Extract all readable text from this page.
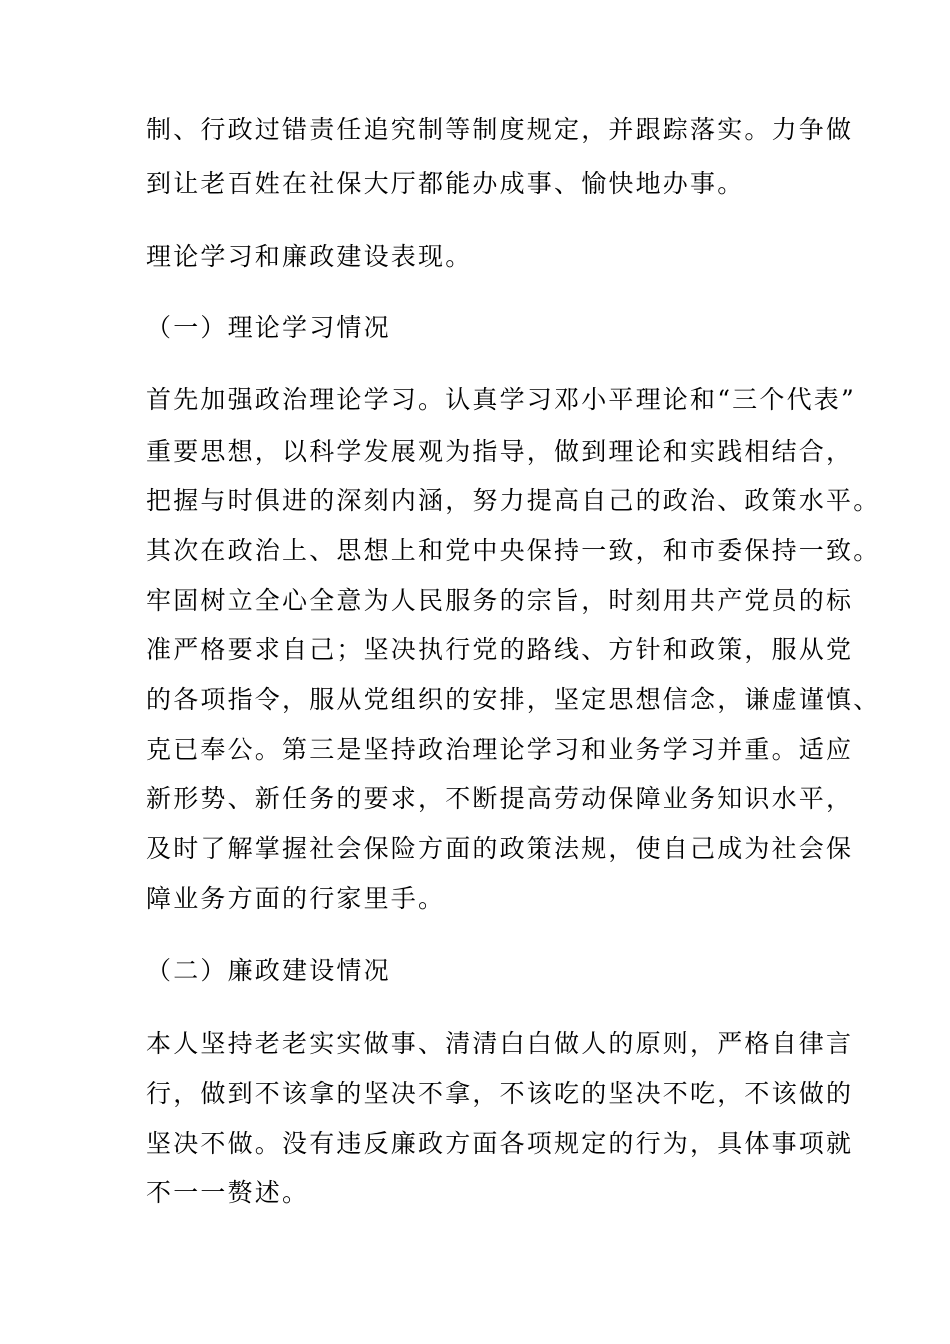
制、行政过错责任追究制等制度规定，并跟踪落实。力争做
到让老百姓在社保大厅都能办成事、愉快地办事。
理论学习和廉政建设表现。
（一）理论学习情况
首先加强政治理论学习。认真学习邓小平理论和“三个代表”
重要思想，以科学发展观为指导，做到理论和实践相结合，
把握与时俱进的深刻内涵，努力提高自己的政治、政策水平。
其次在政治上、思想上和党中央保持一致，和市委保持一致。
牢固树立全心全意为人民服务的宗旨，时刻用共产党员的标
准严格要求自己；坚决执行党的路线、方针和政策，服从党
的各项指令，服从党组织的安排，坚定思想信念，谦虚谨慎、
克已奉公。第三是坚持政治理论学习和业务学习并重。适应
新形势、新任务的要求，不断提高劳动保障业务知识水平，
及时了解掌握社会保险方面的政策法规，使自己成为社会保
障业务方面的行家里手。
（二）廉政建设情况
本人坚持老老实实做事、清清白白做人的原则，严格自律言
行，做到不该拿的坚决不拿，不该吃的坚决不吃，不该做的
坚决不做。没有违反廉政方面各项规定的行为，具体事项就
不一一赘述。
